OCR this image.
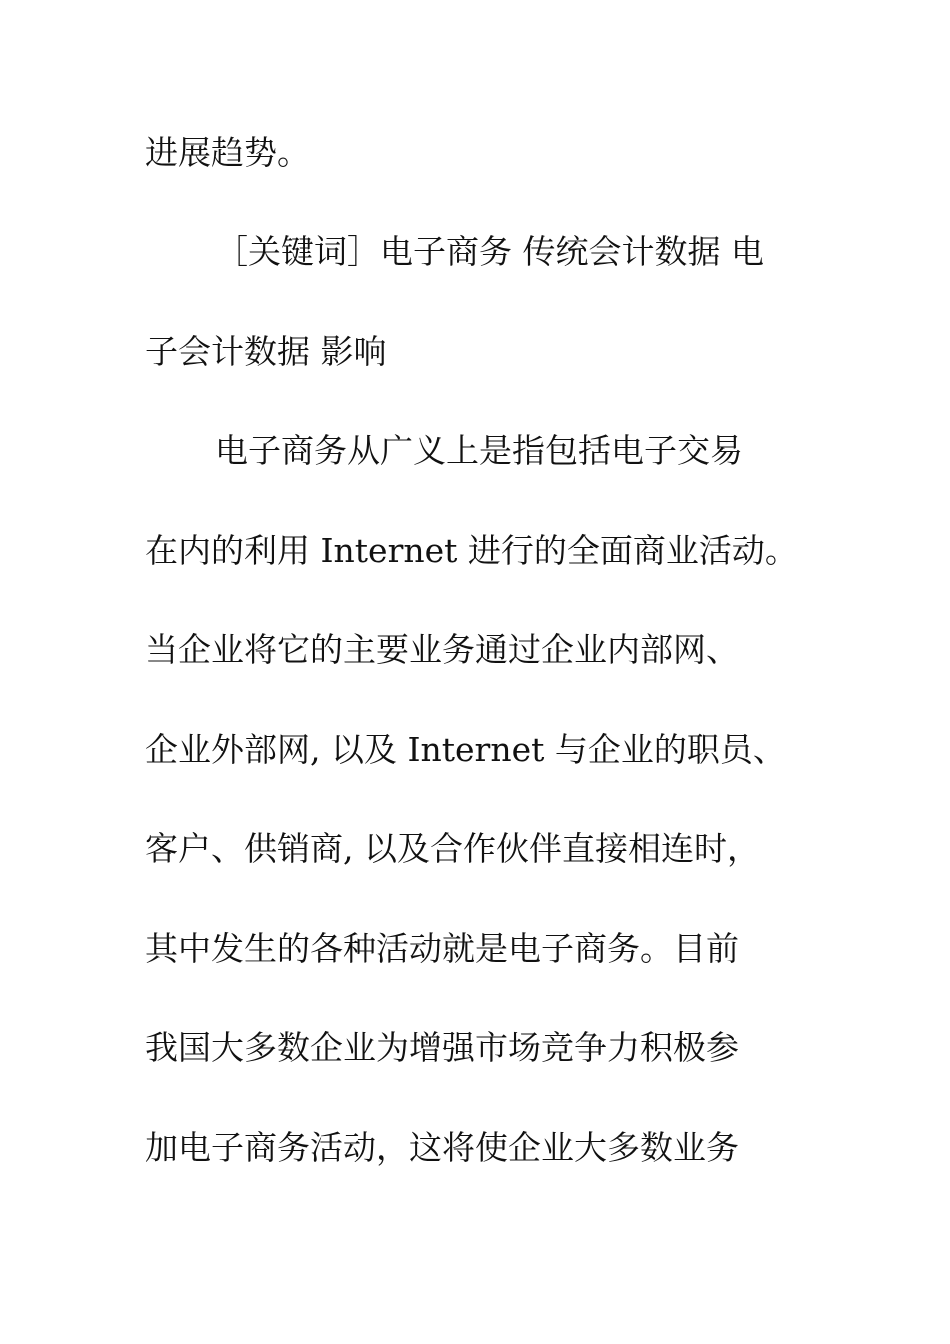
进展趋势。
［关键词］电子商务 传统会计数据 电
子会计数据 影响
电子商务从广义上是指包括电子交易
在内的利用 Internet 进行的全面商业活动。
当企业将它的主要业务通过企业内部网、
企业外部网, 以及 Internet 与企业的职员、
客户、供销商, 以及合作伙伴直接相连时，
其中发生的各种活动就是电子商务。目前
我国大多数企业为增强市场竞争力积极参
加电子商务活动，这将使企业大多数业务
